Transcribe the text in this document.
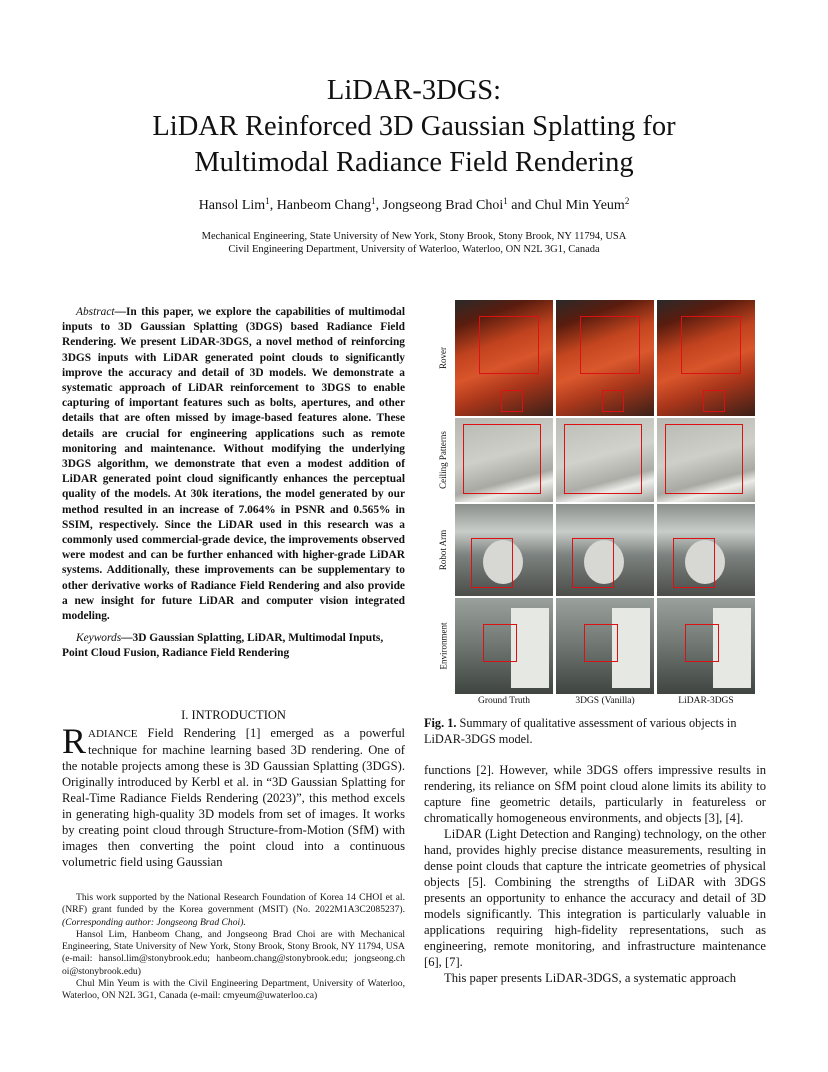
LiDAR-3DGS:
LiDAR Reinforced 3D Gaussian Splatting for
Multimodal Radiance Field Rendering
Hansol Lim$^1$, Hanbeom Chang$^1$, Jongseong Brad Choi$^1$ and Chul Min Yeum$^2$
Mechanical Engineering, State University of New York, Stony Brook, Stony Brook, NY 11794, USA
Civil Engineering Department, University of Waterloo, Waterloo, ON N2L 3G1, Canada
Abstract—In this paper, we explore the capabilities of multimodal inputs to 3D Gaussian Splatting (3DGS) based Radiance Field Rendering. We present LiDAR-3DGS, a novel method of reinforcing 3DGS inputs with LiDAR generated point clouds to significantly improve the accuracy and detail of 3D models. We demonstrate a systematic approach of LiDAR reinforcement to 3DGS to enable capturing of important features such as bolts, apertures, and other details that are often missed by image-based features alone. These details are crucial for engineering applications such as remote monitoring and maintenance. Without modifying the underlying 3DGS algorithm, we demonstrate that even a modest addition of LiDAR generated point cloud significantly enhances the perceptual quality of the models. At 30k iterations, the model generated by our method resulted in an increase of 7.064% in PSNR and 0.565% in SSIM, respectively. Since the LiDAR used in this research was a commonly used commercial-grade device, the improvements observed were modest and can be further enhanced with higher-grade LiDAR systems. Additionally, these improvements can be supplementary to other derivative works of Radiance Field Rendering and also provide a new insight for future LiDAR and computer vision integrated modeling.
Keywords—3D Gaussian Splatting, LiDAR, Multimodal Inputs, Point Cloud Fusion, Radiance Field Rendering
I. INTRODUCTION
RADIANCE Field Rendering [1] emerged as a powerful technique for machine learning based 3D rendering. One of the notable projects among these is 3D Gaussian Splatting (3DGS). Originally introduced by Kerbl et al. in “3D Gaussian Splatting for Real-Time Radiance Fields Rendering (2023)”, this method excels in generating high-quality 3D models from set of images. It works by creating point cloud through Structure-from-Motion (SfM) with images then converting the point cloud into a continuous volumetric field using Gaussian

This work supported by the National Research Foundation of Korea 14 CHOI et al. (NRF) grant funded by the Korea government (MSIT) (No. 2022M1A3C2085237). (Corresponding author: Jongseong Brad Choi).

Hansol Lim, Hanbeom Chang, and Jongseong Brad Choi are with Mechanical Engineering, State University of New York, Stony Brook, Stony Brook, NY 11794, USA (e-mail: hansol.lim@stonybrook.edu; hanbeom.chang@stonybrook.edu; jongseong.ch oi@stonybrook.edu)

Chul Min Yeum is with the Civil Engineering Department, University of Waterloo, Waterloo, ON N2L 3G1, Canada (e-mail: cmyeum@uwaterloo.ca)

Rover
Ceiling Patterns
Robot Arm
Environment
Ground Truth	3DGS (Vanilla)	LiDAR-3DGS
Fig. 1. Summary of qualitative assessment of various objects in LiDAR-3DGS model.

functions [2]. However, while 3DGS offers impressive results in rendering, its reliance on SfM point cloud alone limits its ability to capture fine geometric details, particularly in featureless or chromatically homogeneous environments, and objects [3], [4].

LiDAR (Light Detection and Ranging) technology, on the other hand, provides highly precise distance measurements, resulting in dense point clouds that capture the intricate geometries of physical objects [5]. Combining the strengths of LiDAR with 3DGS presents an opportunity to enhance the accuracy and detail of 3D models significantly. This integration is particularly valuable in applications requiring high-fidelity representations, such as engineering, remote monitoring, and infrastructure maintenance [6], [7].

This paper presents LiDAR-3DGS, a systematic approach
